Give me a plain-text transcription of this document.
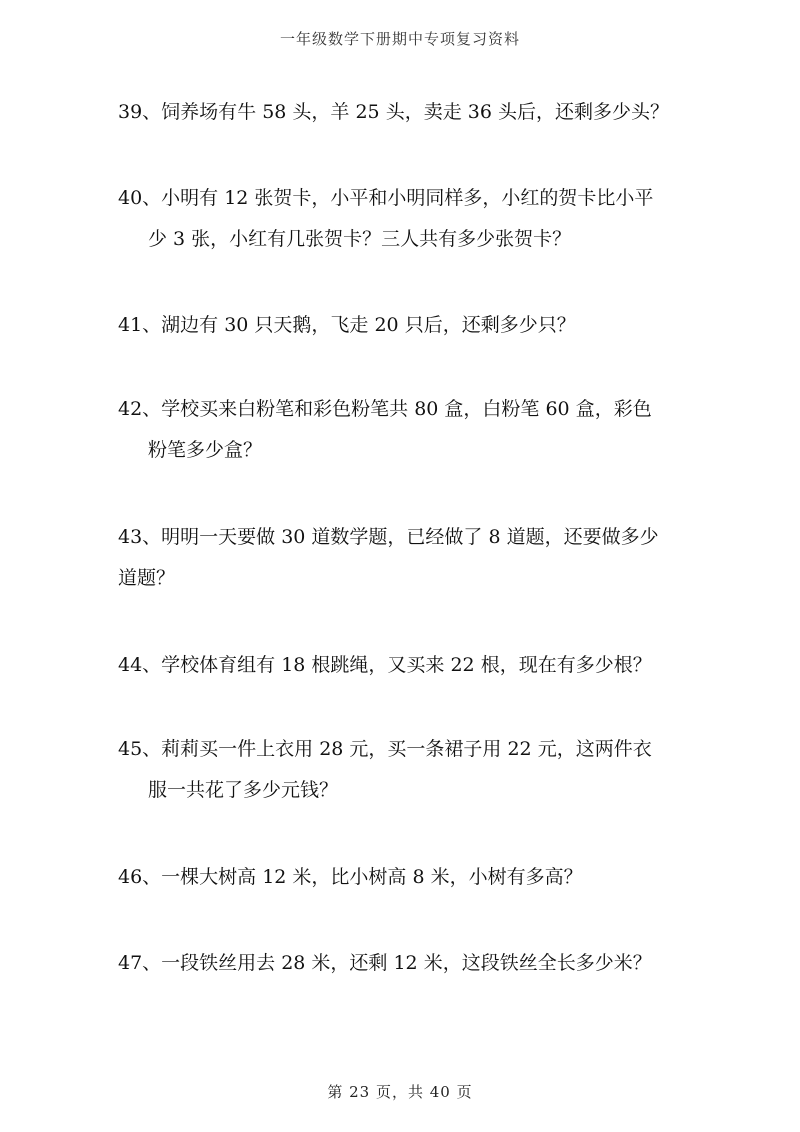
一年级数学下册期中专项复习资料
39、饲养场有牛 58 头，羊 25 头，卖走 36 头后，还剩多少头？
40、小明有 12 张贺卡，小平和小明同样多，小红的贺卡比小平
少 3 张，小红有几张贺卡？三人共有多少张贺卡？
41、湖边有 30 只天鹅，飞走 20 只后，还剩多少只？
42、学校买来白粉笔和彩色粉笔共 80 盒，白粉笔 60 盒，彩色
粉笔多少盒？
43、明明一天要做 30 道数学题，已经做了 8 道题，还要做多少
道题？
44、学校体育组有 18 根跳绳，又买来 22 根，现在有多少根？
45、莉莉买一件上衣用 28 元，买一条裙子用 22 元，这两件衣
服一共花了多少元钱？
46、一棵大树高 12 米，比小树高 8 米，小树有多高？
47、一段铁丝用去 28 米，还剩 12 米，这段铁丝全长多少米？
第 23 页，共 40 页
